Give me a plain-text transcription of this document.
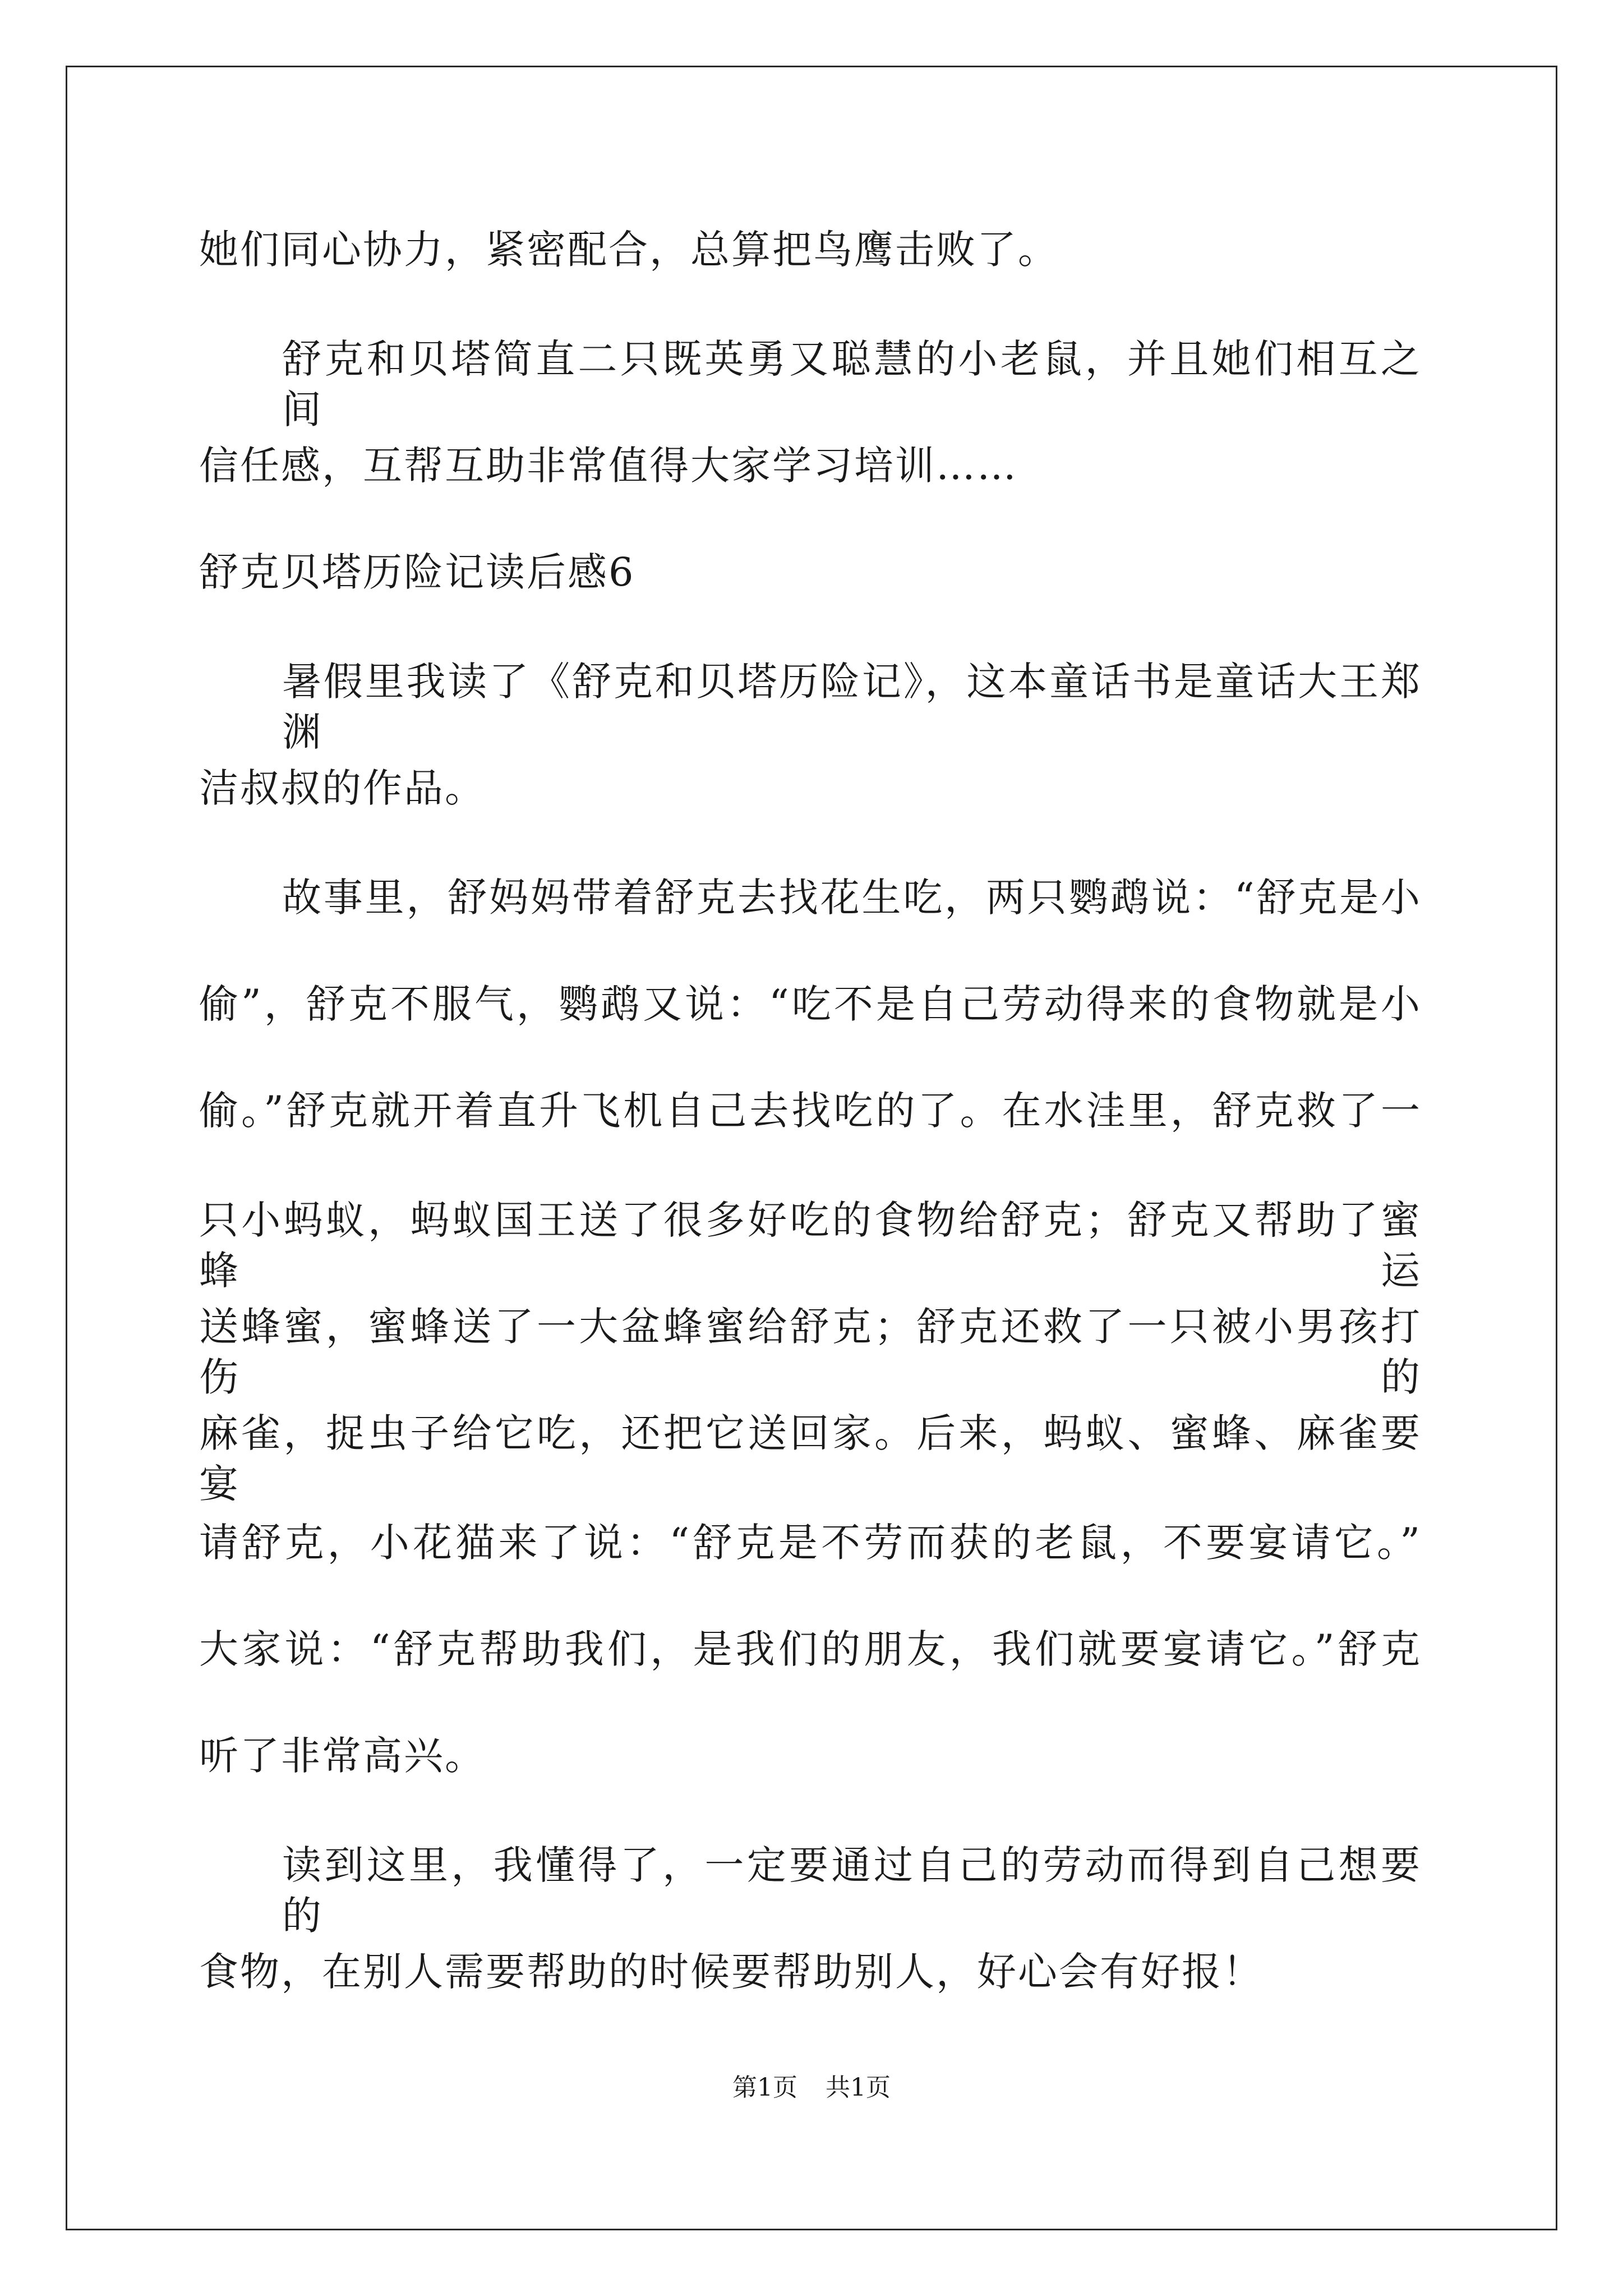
她们同心协力，紧密配合，总算把鸟鹰击败了。
舒克和贝塔简直二只既英勇又聪慧的小老鼠，并且她们相互之间
信任感，互帮互助非常值得大家学习培训……
舒克贝塔历险记读后感6
暑假里我读了《舒克和贝塔历险记》，这本童话书是童话大王郑渊
洁叔叔的作品。
故事里，舒妈妈带着舒克去找花生吃，两只鹦鹉说：“舒克是小
偷”，舒克不服气，鹦鹉又说：“吃不是自己劳动得来的食物就是小
偷。”舒克就开着直升飞机自己去找吃的了。在水洼里，舒克救了一
只小蚂蚁，蚂蚁国王送了很多好吃的食物给舒克；舒克又帮助了蜜蜂运
送蜂蜜，蜜蜂送了一大盆蜂蜜给舒克；舒克还救了一只被小男孩打伤的
麻雀，捉虫子给它吃，还把它送回家。后来，蚂蚁、蜜蜂、麻雀要宴
请舒克，小花猫来了说：“舒克是不劳而获的老鼠，不要宴请它。”
大家说：“舒克帮助我们，是我们的朋友，我们就要宴请它。”舒克
听了非常高兴。
读到这里，我懂得了，一定要通过自己的劳动而得到自己想要的
食物，在别人需要帮助的时候要帮助别人，好心会有好报！
第1页 共1页
